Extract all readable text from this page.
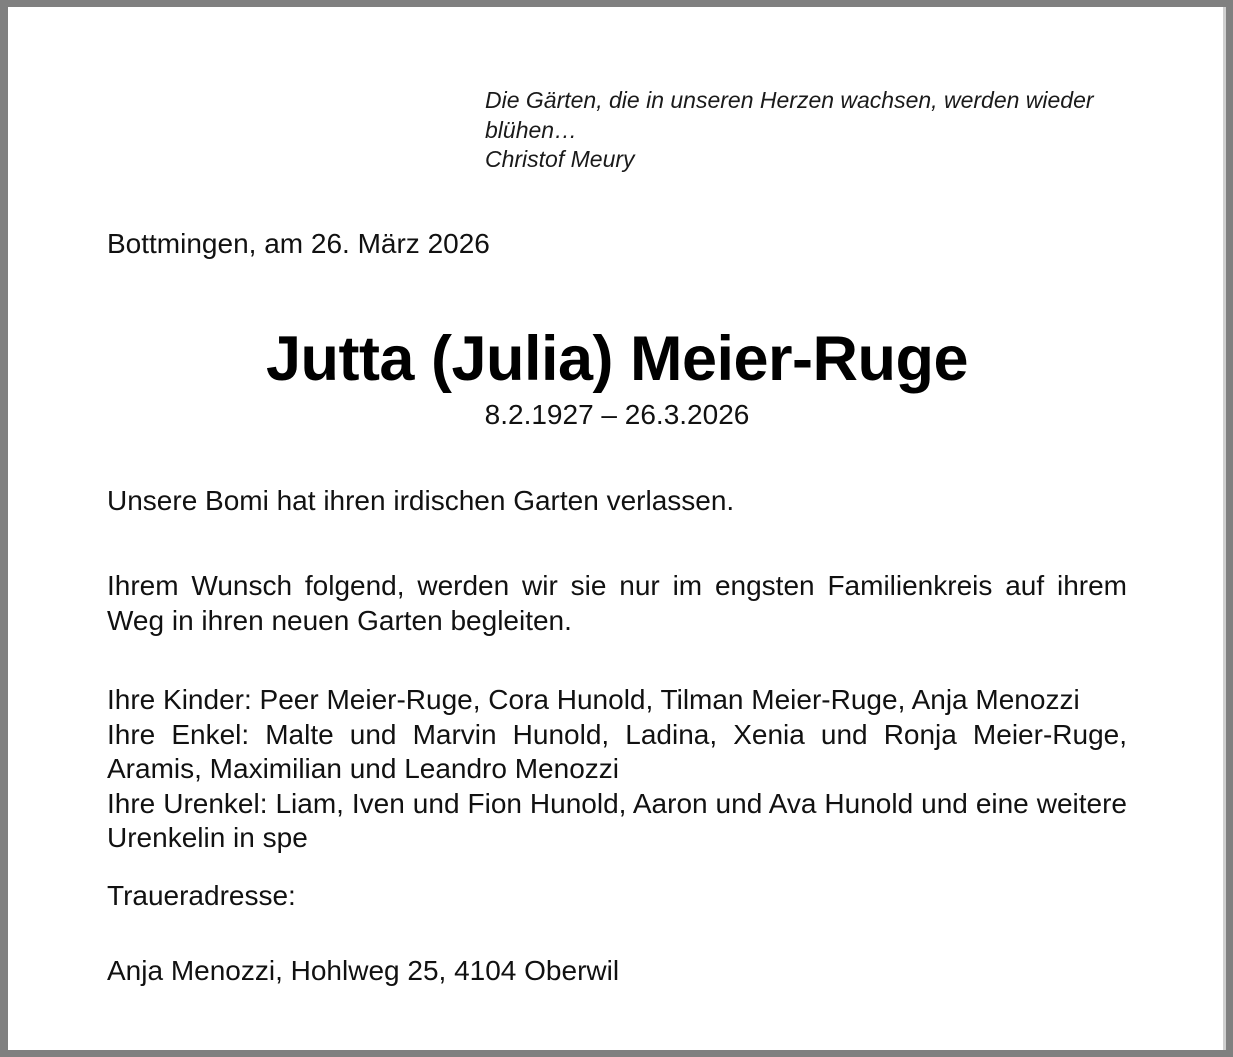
Die Gärten, die in unseren Herzen wachsen, werden wieder blühen…

Christof Meury

Bottmingen, am 26. März 2026

Jutta (Julia) Meier-Ruge

8.2.1927 – 26.3.2026

Unsere Bomi hat ihren irdischen Garten verlassen.

Ihrem Wunsch folgend, werden wir sie nur im engsten Familienkreis auf ihrem Weg in ihren neuen Garten begleiten.

Ihre Kinder: Peer Meier-Ruge, Cora Hunold, Tilman Meier-Ruge, Anja Menozzi

Ihre Enkel: Malte und Marvin Hunold, Ladina, Xenia und Ronja Meier-Ruge, Aramis, Maximilian und Leandro Menozzi

Ihre Urenkel: Liam, Iven und Fion Hunold, Aaron und Ava Hunold und eine weitere Urenkelin in spe

Traueradresse:

Anja Menozzi, Hohlweg 25, 4104 Oberwil
